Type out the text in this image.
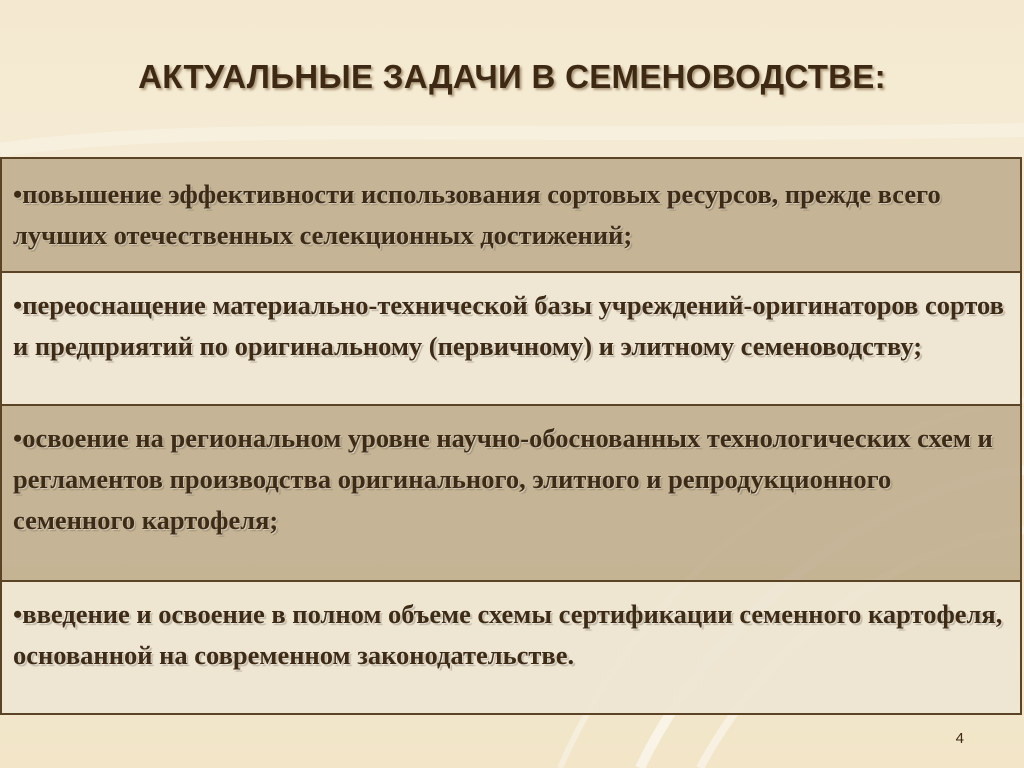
АКТУАЛЬНЫЕ ЗАДАЧИ В СЕМЕНОВОДСТВЕ:
•повышение эффективности использования сортовых ресурсов, прежде всего лучших отечественных селекционных достижений;
•переоснащение материально-технической базы учреждений-оригинаторов сортов и предприятий по оригинальному (первичному) и элитному семеноводству;
•освоение на региональном уровне научно-обоснованных технологических схем и регламентов производства оригинального, элитного и репродукционного семенного картофеля;
•введение и освоение в полном объеме схемы сертификации семенного картофеля, основанной на современном законодательстве.
4
